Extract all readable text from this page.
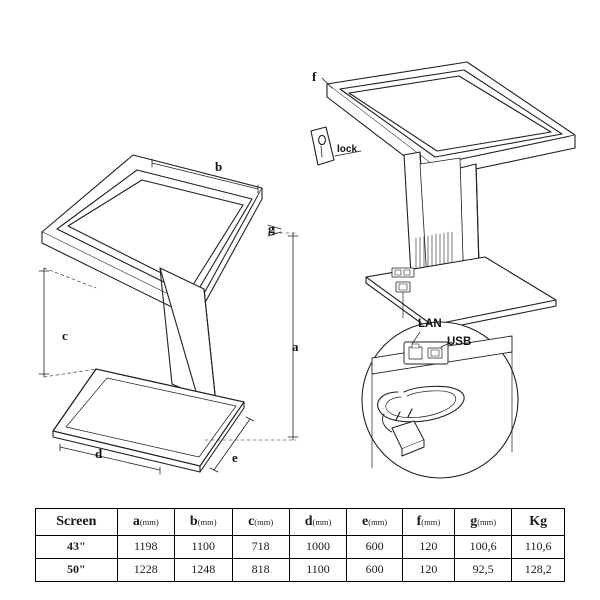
b
g
a
c
d	e
f
lock
LAN
USB
Screen	a(mm)	b(mm)	c(mm)	d(mm)	e(mm)	f(mm)	g(mm)	Kg
43"	1198	1100	718	1000	600	120	100,6	110,6
50"	1228	1248	818	1100	600	120	92,5	128,2
